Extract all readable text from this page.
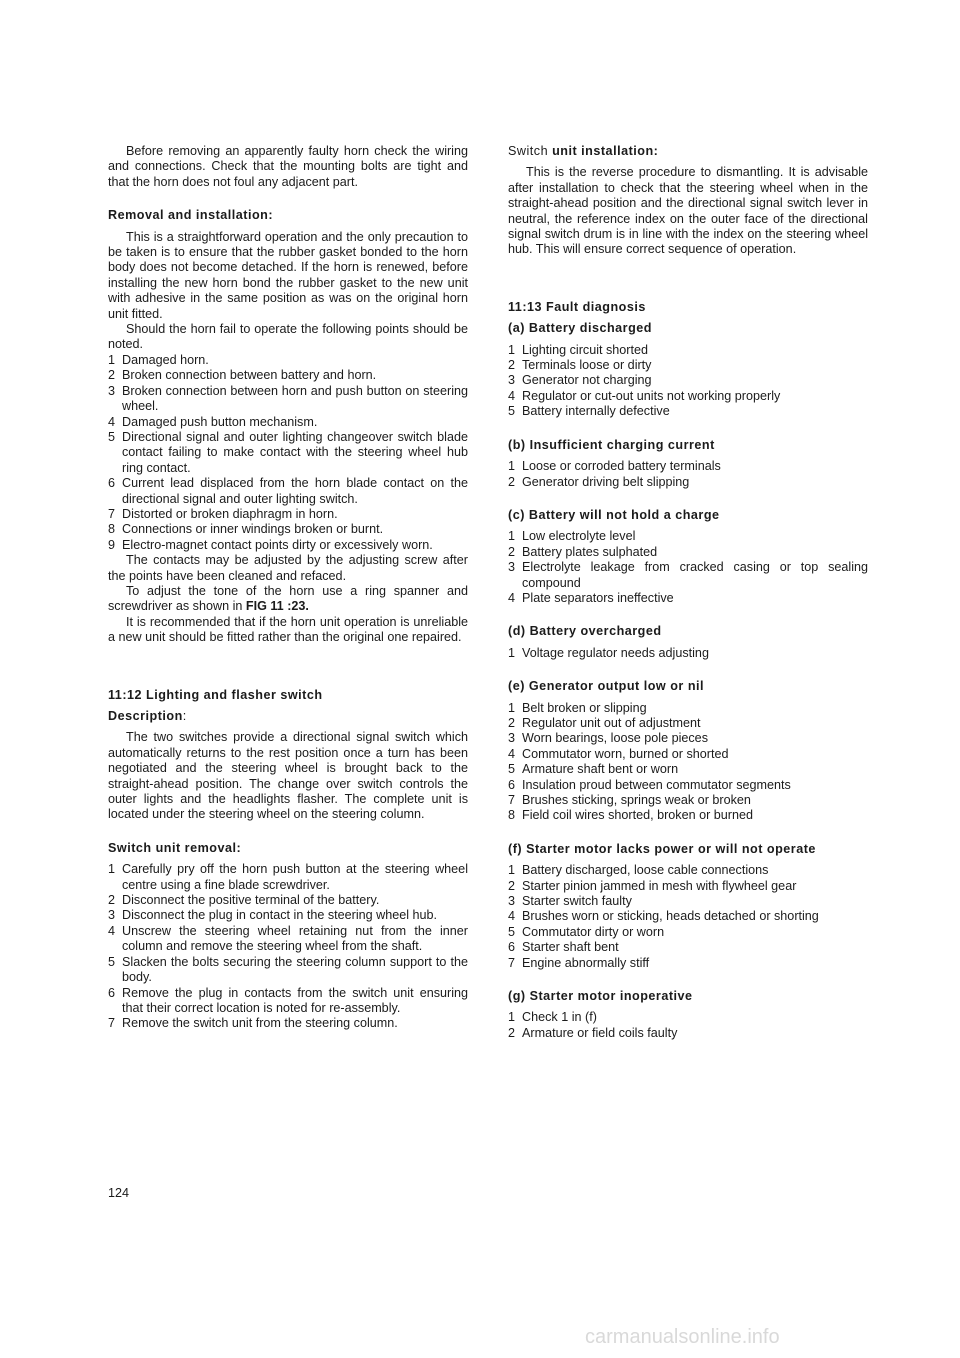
Before removing an apparently faulty horn check the wiring and connections. Check that the mounting bolts are tight and that the horn does not foul any adjacent part.

Removal and installation:

This is a straightforward operation and the only precaution to be taken is to ensure that the rubber gasket bonded to the horn body does not become detached. If the horn is renewed, before installing the new horn bond the rubber gasket to the new unit with adhesive in the same position as was on the original horn unit fitted.

Should the horn fail to operate the following points should be noted.

1 Damaged horn.
2 Broken connection between battery and horn.
3 Broken connection between horn and push button on steering wheel.
4 Damaged push button mechanism.
5 Directional signal and outer lighting changeover switch blade contact failing to make contact with the steering wheel hub ring contact.
6 Current lead displaced from the horn blade contact on the directional signal and outer lighting switch.
7 Distorted or broken diaphragm in horn.
8 Connections or inner windings broken or burnt.
9 Electro-magnet contact points dirty or excessively worn.

The contacts may be adjusted by the adjusting screw after the points have been cleaned and refaced.

To adjust the tone of the horn use a ring spanner and screwdriver as shown in FIG 11 :23.

It is recommended that if the horn unit operation is unreliable a new unit should be fitted rather than the original one repaired.

11:12 Lighting and flasher switch
Description:

The two switches provide a directional signal switch which automatically returns to the rest position once a turn has been negotiated and the steering wheel is brought back to the straight-ahead position. The change over switch controls the outer lights and the headlights flasher. The complete unit is located under the steering wheel on the steering column.

Switch unit removal:
1 Carefully pry off the horn push button at the steering wheel centre using a fine blade screwdriver.
2 Disconnect the positive terminal of the battery.
3 Disconnect the plug in contact in the steering wheel hub.
4 Unscrew the steering wheel retaining nut from the inner column and remove the steering wheel from the shaft.
5 Slacken the bolts securing the steering column support to the body.
6 Remove the plug in contacts from the switch unit ensuring that their correct location is noted for re-assembly.
7 Remove the switch unit from the steering column.
Switch unit installation:

This is the reverse procedure to dismantling. It is advisable after installation to check that the steering wheel when in the straight-ahead position and the directional signal switch lever in neutral, the reference index on the outer face of the directional signal switch drum is in line with the index on the steering wheel hub. This will ensure correct sequence of operation.

11:13 Fault diagnosis
(a) Battery discharged
1 Lighting circuit shorted
2 Terminals loose or dirty
3 Generator not charging
4 Regulator or cut-out units not working properly
5 Battery internally defective
(b) Insufficient charging current
1 Loose or corroded battery terminals
2 Generator driving belt slipping
(c) Battery will not hold a charge
1 Low electrolyte level
2 Battery plates sulphated
3 Electrolyte leakage from cracked casing or top sealing compound
4 Plate separators ineffective
(d) Battery overcharged
1 Voltage regulator needs adjusting
(e) Generator output low or nil
1 Belt broken or slipping
2 Regulator unit out of adjustment
3 Worn bearings, loose pole pieces
4 Commutator worn, burned or shorted
5 Armature shaft bent or worn
6 Insulation proud between commutator segments
7 Brushes sticking, springs weak or broken
8 Field coil wires shorted, broken or burned
(f) Starter motor lacks power or will not operate
1 Battery discharged, loose cable connections
2 Starter pinion jammed in mesh with flywheel gear
3 Starter switch faulty
4 Brushes worn or sticking, heads detached or shorting
5 Commutator dirty or worn
6 Starter shaft bent
7 Engine abnormally stiff
(g) Starter motor inoperative
1 Check 1 in (f)
2 Armature or field coils faulty
124
carmanualsonline.info
